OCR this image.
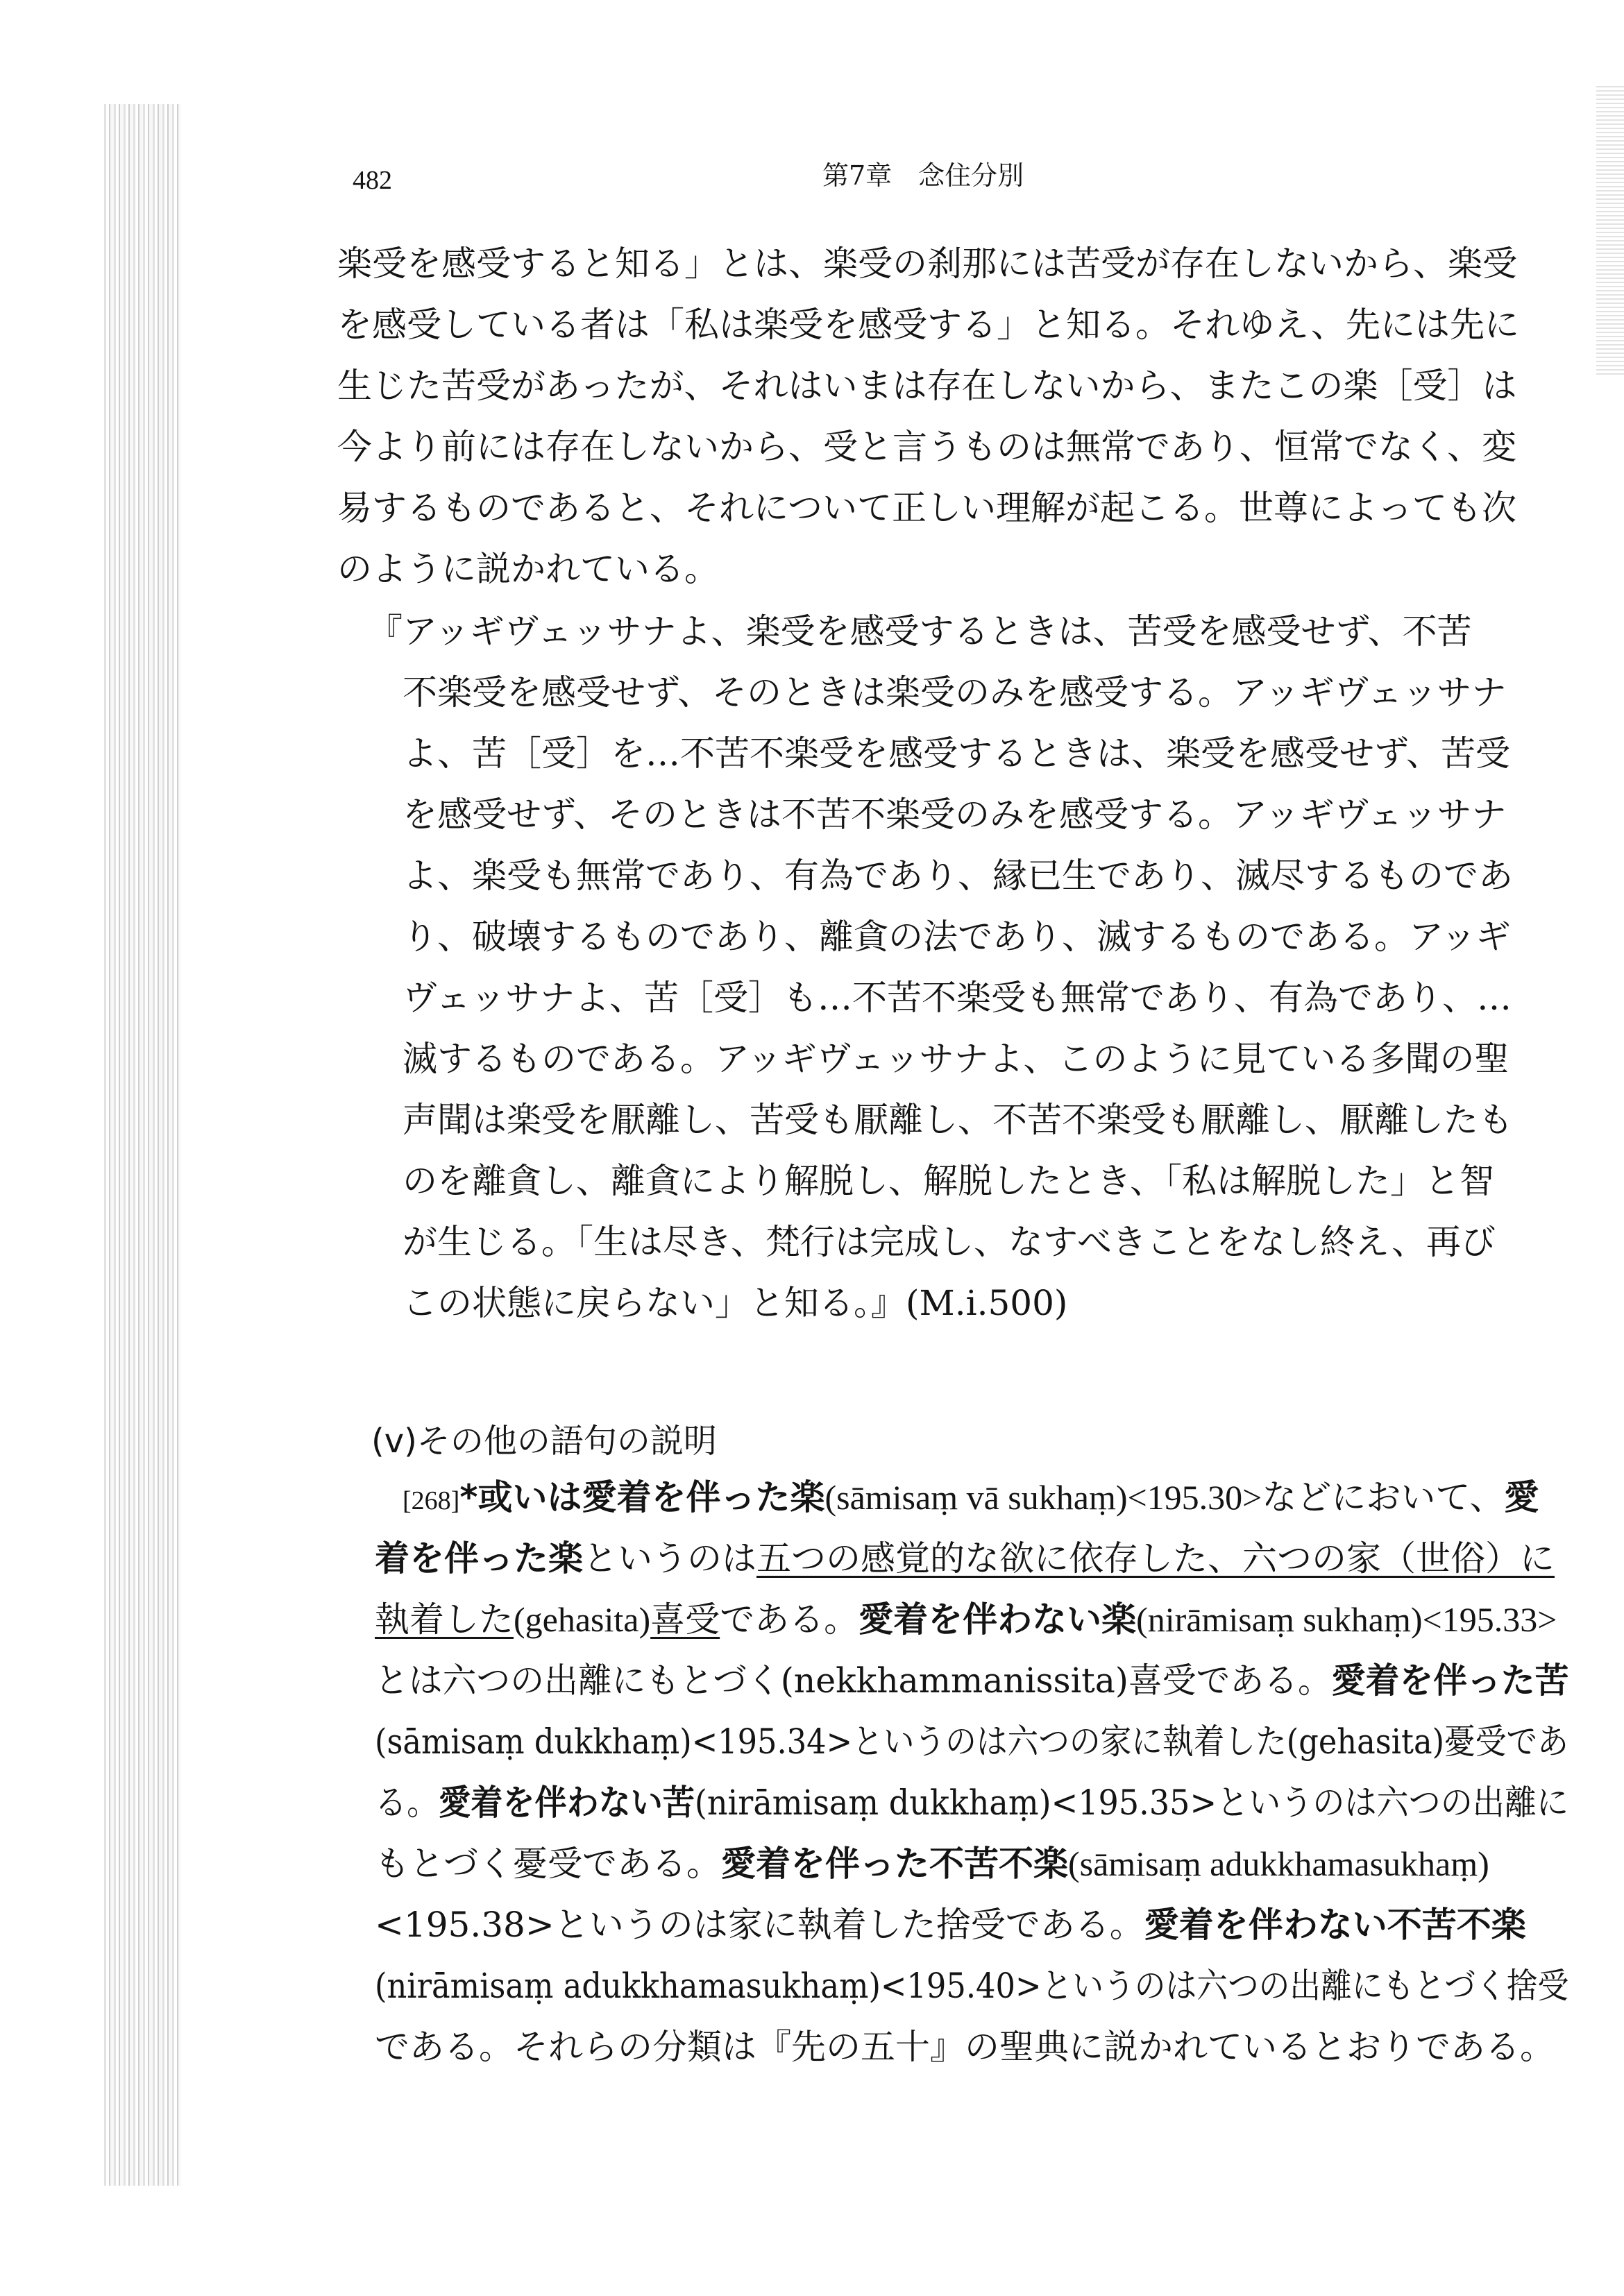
482	第7章　念住分別
楽受を感受すると知る」とは、楽受の刹那には苦受が存在しないから、楽受
を感受している者は「私は楽受を感受する」と知る。それゆえ、先には先に
生じた苦受があったが、それはいまは存在しないから、またこの楽［受］は
今より前には存在しないから、受と言うものは無常であり、恒常でなく、変
易するものであると、それについて正しい理解が起こる。世尊によっても次
のように説かれている。
『アッギヴェッサナよ、楽受を感受するときは、苦受を感受せず、不苦
不楽受を感受せず、そのときは楽受のみを感受する。アッギヴェッサナ
よ、苦［受］を…不苦不楽受を感受するときは、楽受を感受せず、苦受
を感受せず、そのときは不苦不楽受のみを感受する。アッギヴェッサナ
よ、楽受も無常であり、有為であり、縁已生であり、滅尽するものであ
り、破壊するものであり、離貪の法であり、滅するものである。アッギ
ヴェッサナよ、苦［受］も…不苦不楽受も無常であり、有為であり、…
滅するものである。アッギヴェッサナよ、このように見ている多聞の聖
声聞は楽受を厭離し、苦受も厭離し、不苦不楽受も厭離し、厭離したも
のを離貪し、離貪により解脱し、解脱したとき、「私は解脱した」と智
が生じる。「生は尽き、梵行は完成し、なすべきことをなし終え、再び
この状態に戻らない」と知る。』(M.i.500)
(v)その他の語句の説明
[268]*或いは愛着を伴った楽(sāmisaṃ vā sukhaṃ)<195.30>などにおいて、愛
着を伴った楽というのは五つの感覚的な欲に依存した、六つの家（世俗）に
執着した(gehasita)喜受である。愛着を伴わない楽(nirāmisaṃ sukhaṃ)<195.33>
とは六つの出離にもとづく(nekkhammanissita)喜受である。愛着を伴った苦
(sāmisaṃ dukkhaṃ)<195.34>というのは六つの家に執着した(gehasita)憂受であ
る。愛着を伴わない苦(nirāmisaṃ dukkhaṃ)<195.35>というのは六つの出離に
もとづく憂受である。愛着を伴った不苦不楽(sāmisaṃ adukkhamasukhaṃ)
<195.38>というのは家に執着した捨受である。愛着を伴わない不苦不楽
(nirāmisaṃ adukkhamasukhaṃ)<195.40>というのは六つの出離にもとづく捨受
である。それらの分類は『先の五十』の聖典に説かれているとおりである。
